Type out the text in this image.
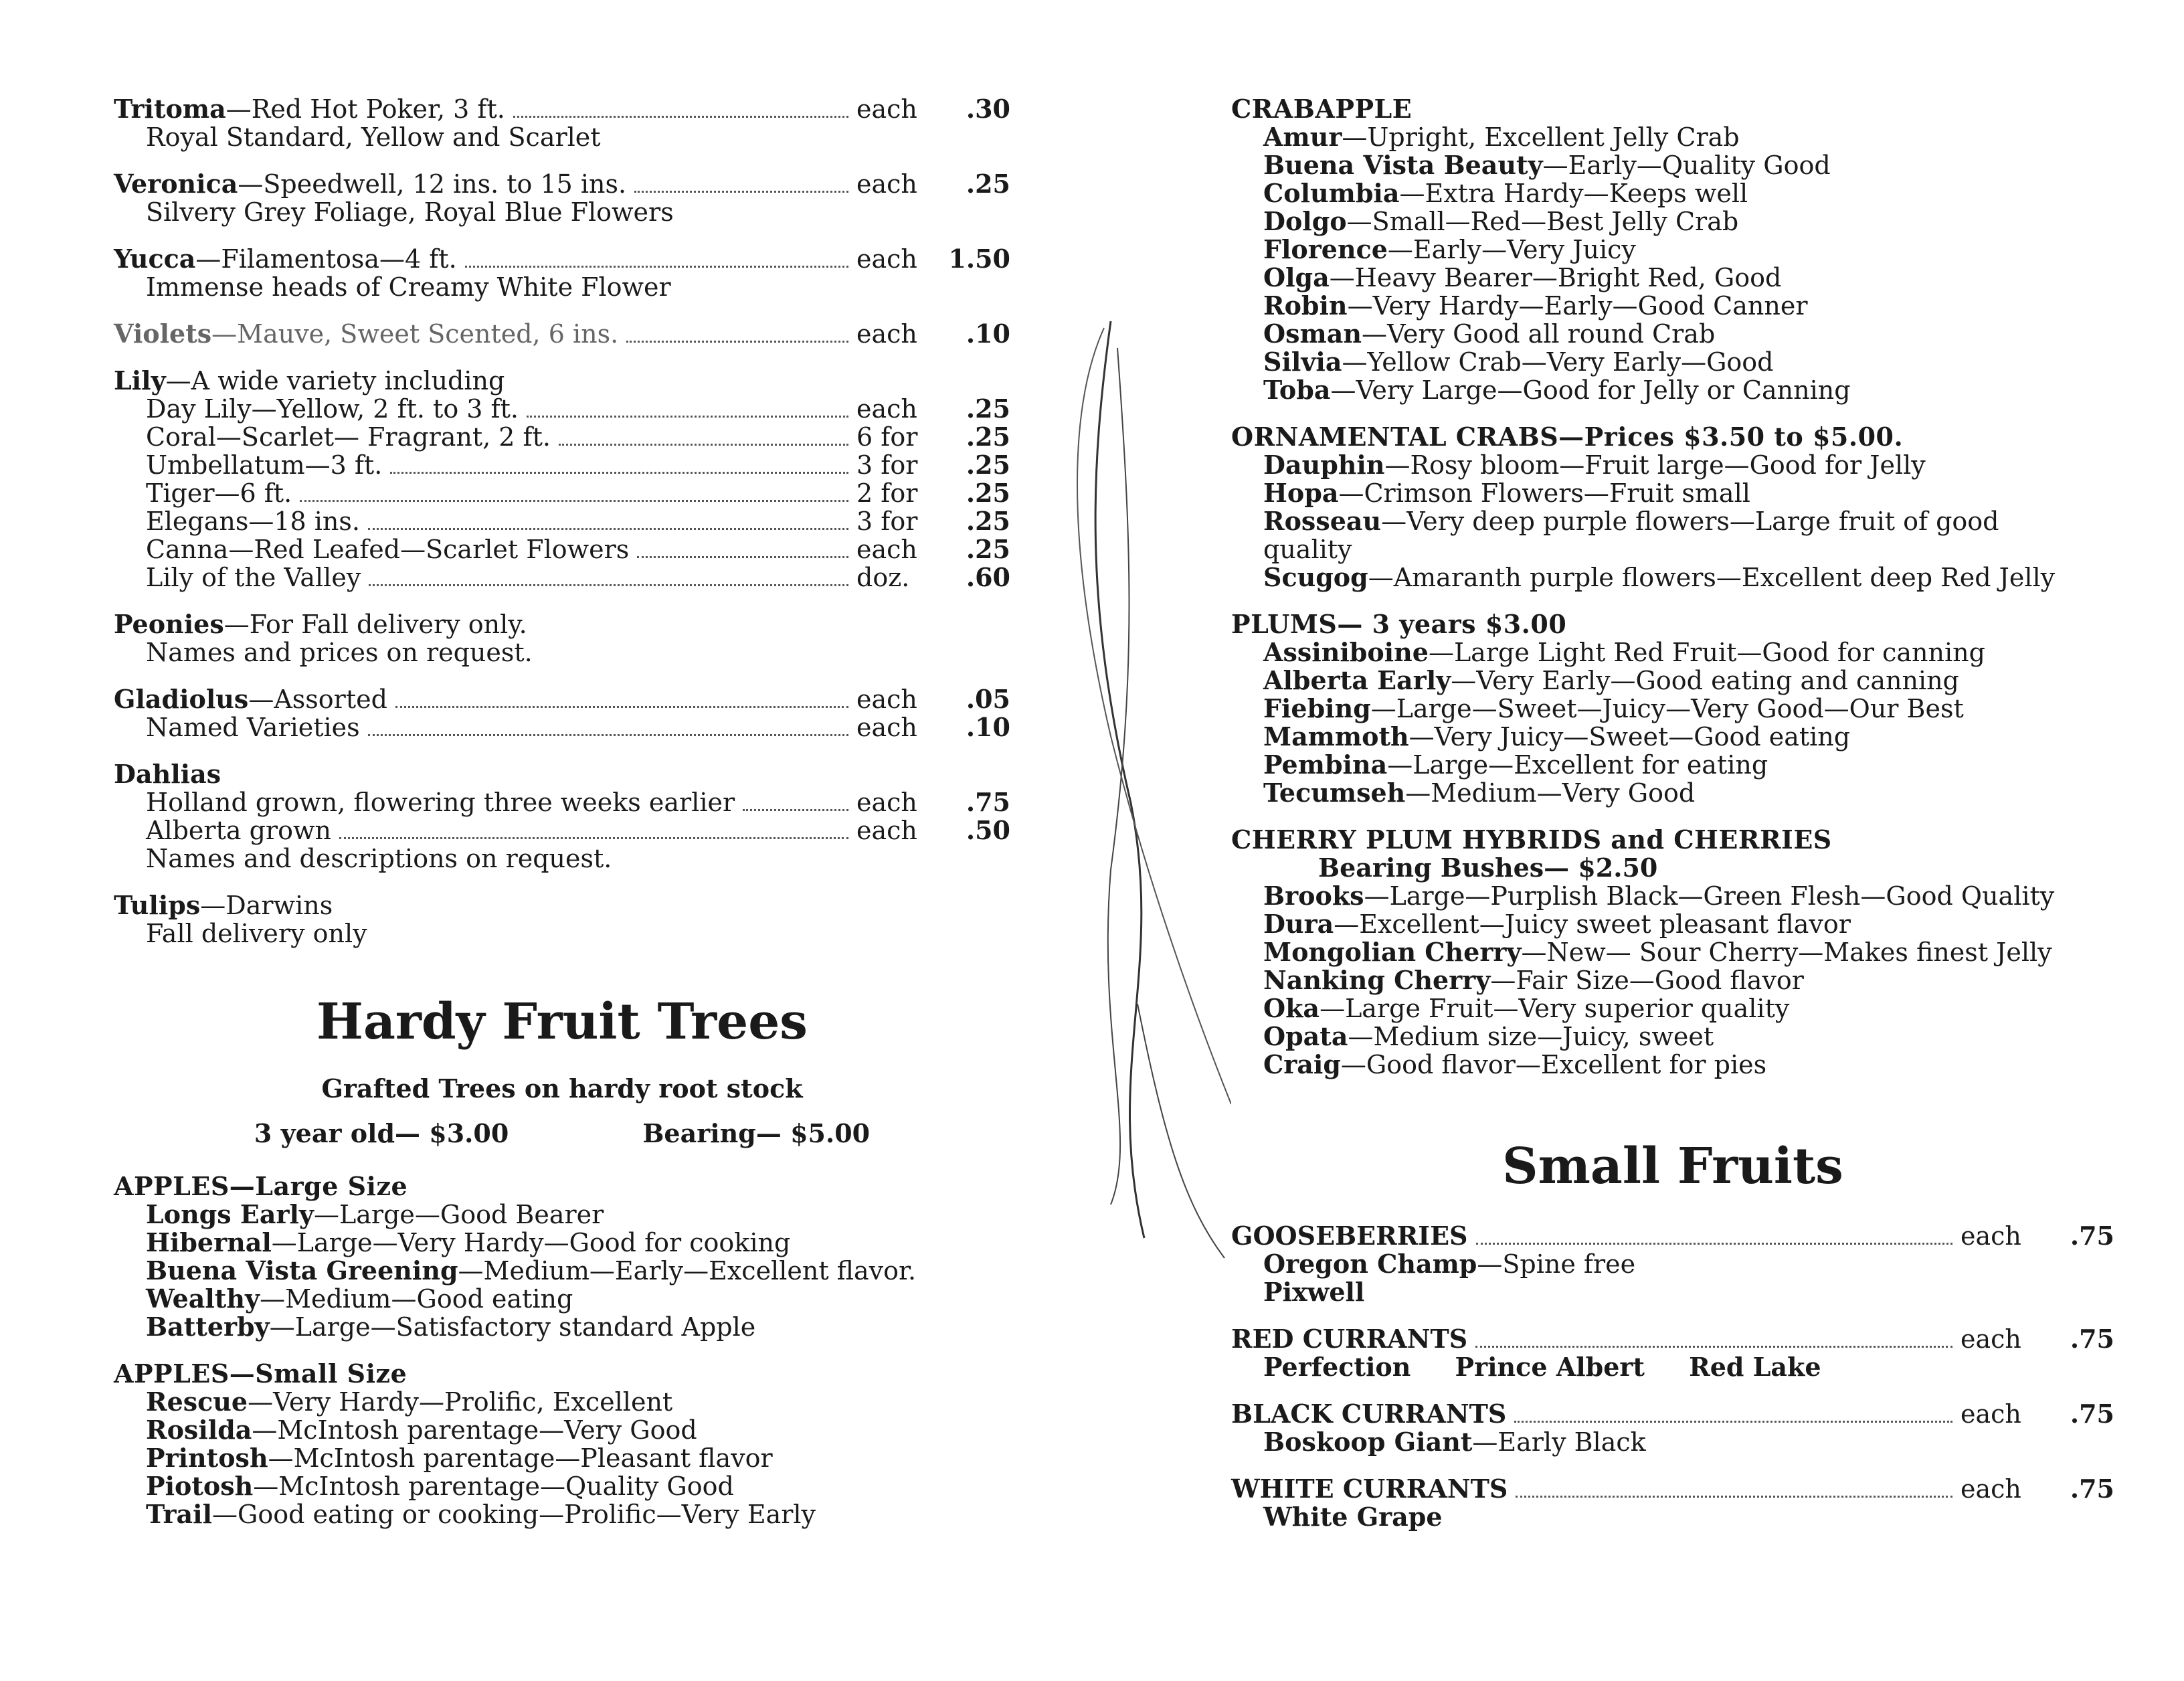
Tritoma —Red Hot Poker, 3 ft.	each	.30
Royal Standard, Yellow and Scarlet
Veronica —Speedwell, 12 ins. to 15 ins.	each	.25
Silvery Grey Foliage, Royal Blue Flowers
Yucca —Filamentosa—4 ft.	each	1.50
Immense heads of Creamy White Flower
Violets —Mauve, Sweet Scented, 6 ins.	each	.10
Lily —A wide variety including
Day Lily—Yellow, 2 ft. to 3 ft.	each	.25
Coral—Scarlet— Fragrant, 2 ft.	6 for	.25
Umbellatum—3 ft.	3 for	.25
Tiger—6 ft.	2 for	.25
Elegans—18 ins.	3 for	.25
Canna—Red Leafed—Scarlet Flowers	each	.25
Lily of the Valley	doz.	.60
Peonies —For Fall delivery only.
Names and prices on request.
Gladiolus —Assorted	each	.05
Named Varieties	each	.10
Dahlias
Holland grown, flowering three weeks earlier	each	.75
Alberta grown	each	.50
Names and descriptions on request.
Tulips —Darwins
Fall delivery only
Hardy Fruit Trees
Grafted Trees on hardy root stock
3 year old— $3.00	Bearing— $5.00
APPLES—Large Size
Longs Early—Large—Good Bearer
Hibernal—Large—Very Hardy—Good for cooking
Buena Vista Greening—Medium—Early—Excellent flavor.
Wealthy—Medium—Good eating
Batterby—Large—Satisfactory standard Apple
APPLES—Small Size
Rescue—Very Hardy—Prolific, Excellent
Rosilda—McIntosh parentage—Very Good
Printosh—McIntosh parentage—Pleasant flavor
Piotosh—McIntosh parentage—Quality Good
Trail—Good eating or cooking—Prolific—Very Early
CRABAPPLE
Amur—Upright, Excellent Jelly Crab
Buena Vista Beauty—Early—Quality Good
Columbia—Extra Hardy—Keeps well
Dolgo—Small—Red—Best Jelly Crab
Florence—Early—Very Juicy
Olga—Heavy Bearer—Bright Red, Good
Robin—Very Hardy—Early—Good Canner
Osman—Very Good all round Crab
Silvia—Yellow Crab—Very Early—Good
Toba—Very Large—Good for Jelly or Canning
ORNAMENTAL CRABS—Prices $3.50 to $5.00.
Dauphin—Rosy bloom—Fruit large—Good for Jelly
Hopa—Crimson Flowers—Fruit small
Rosseau—Very deep purple flowers—Large fruit of good quality
Scugog—Amaranth purple flowers—Excellent deep Red Jelly
PLUMS— 3 years $3.00
Assiniboine—Large Light Red Fruit—Good for canning
Alberta Early—Very Early—Good eating and canning
Fiebing—Large—Sweet—Juicy—Very Good—Our Best
Mammoth—Very Juicy—Sweet—Good eating
Pembina—Large—Excellent for eating
Tecumseh—Medium—Very Good
CHERRY PLUM HYBRIDS and CHERRIES
Bearing Bushes— $2.50
Brooks—Large—Purplish Black—Green Flesh—Good Quality
Dura—Excellent—Juicy sweet pleasant flavor
Mongolian Cherry—New— Sour Cherry—Makes finest Jelly
Nanking Cherry—Fair Size—Good flavor
Oka—Large Fruit—Very superior quality
Opata—Medium size—Juicy, sweet
Craig—Good flavor—Excellent for pies
Small Fruits
GOOSEBERRIES	each	.75
Oregon Champ—Spine free
Pixwell
RED CURRANTS	each	.75
Perfection     Prince Albert     Red Lake
BLACK CURRANTS	each	.75
Boskoop Giant—Early Black
WHITE CURRANTS	each	.75
White Grape
